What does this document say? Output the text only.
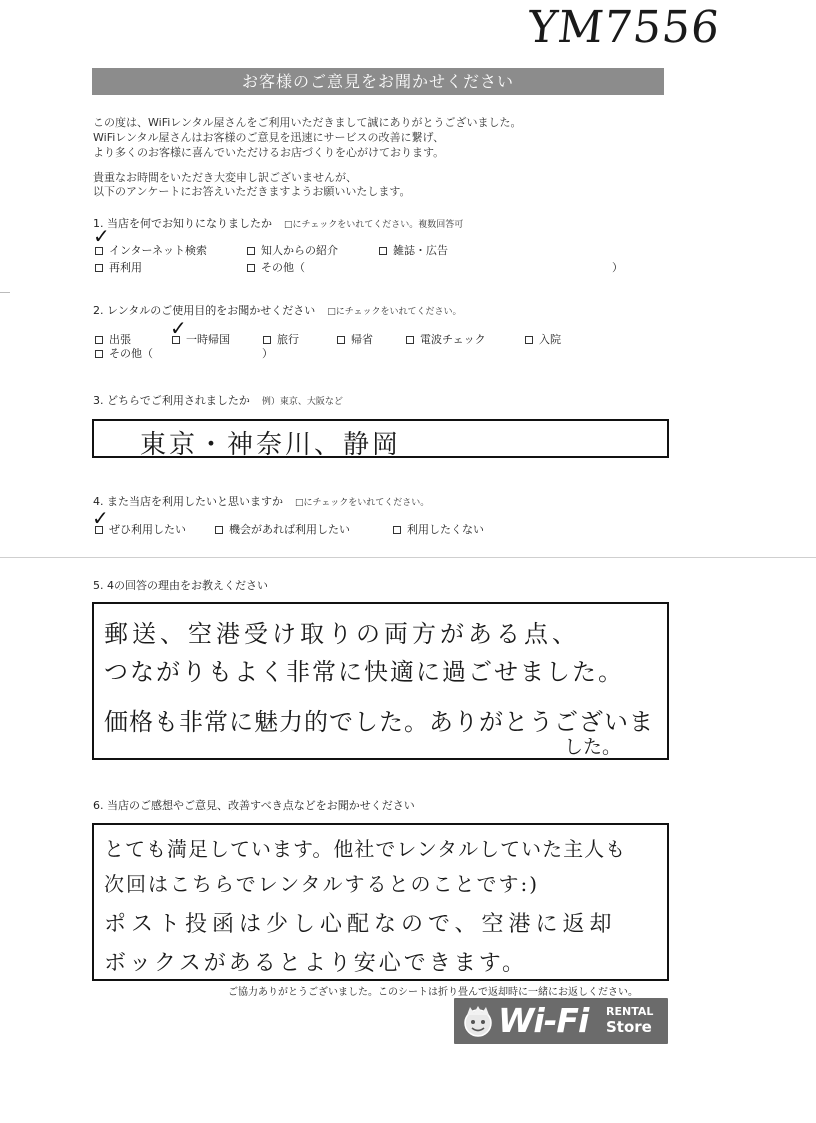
YM7556
お客様のご意見をお聞かせください
この度は、WiFiレンタル屋さんをご利用いただきまして誠にありがとうございました。
WiFiレンタル屋さんはお客様のご意見を迅速にサービスの改善に繋げ、
より多くのお客様に喜んでいただけるお店づくりを心がけております。
貴重なお時間をいただき大変申し訳ございませんが、
以下のアンケートにお答えいただきますようお願いいたします。
1. 当店を何でお知りになりましたか □にチェックをいれてください。複数回答可
✓
インターネット検索	知人からの紹介	雑誌・広告
再利用	その他（	）
2. レンタルのご使用目的をお聞かせください □にチェックをいれてください。
✓
出張	一時帰国	旅行	帰省	電波チェック	入院
その他（	）
3. どちらでご利用されましたか 例）東京、大阪など
東京・神奈川、静岡
4. また当店を利用したいと思いますか □にチェックをいれてください。
✓ ぜひ利用したい	機会があれば利用したい	利用したくない
5. 4の回答の理由をお教えください
郵送、空港受け取りの両方がある点、
つながりもよく非常に快適に過ごせました。
価格も非常に魅力的でした。ありがとうございま
した。
6. 当店のご感想やご意見、改善すべき点などをお聞かせください
とても満足しています。他社でレンタルしていた主人も
次回はこちらでレンタルするとのことです:)
ポスト投函は少し心配なので、空港に返却
ボックスがあるとより安心できます。
ご協力ありがとうございました。このシートは折り畳んで返却時に一緒にお返しください。
Wi-Fi RENTAL
Store
